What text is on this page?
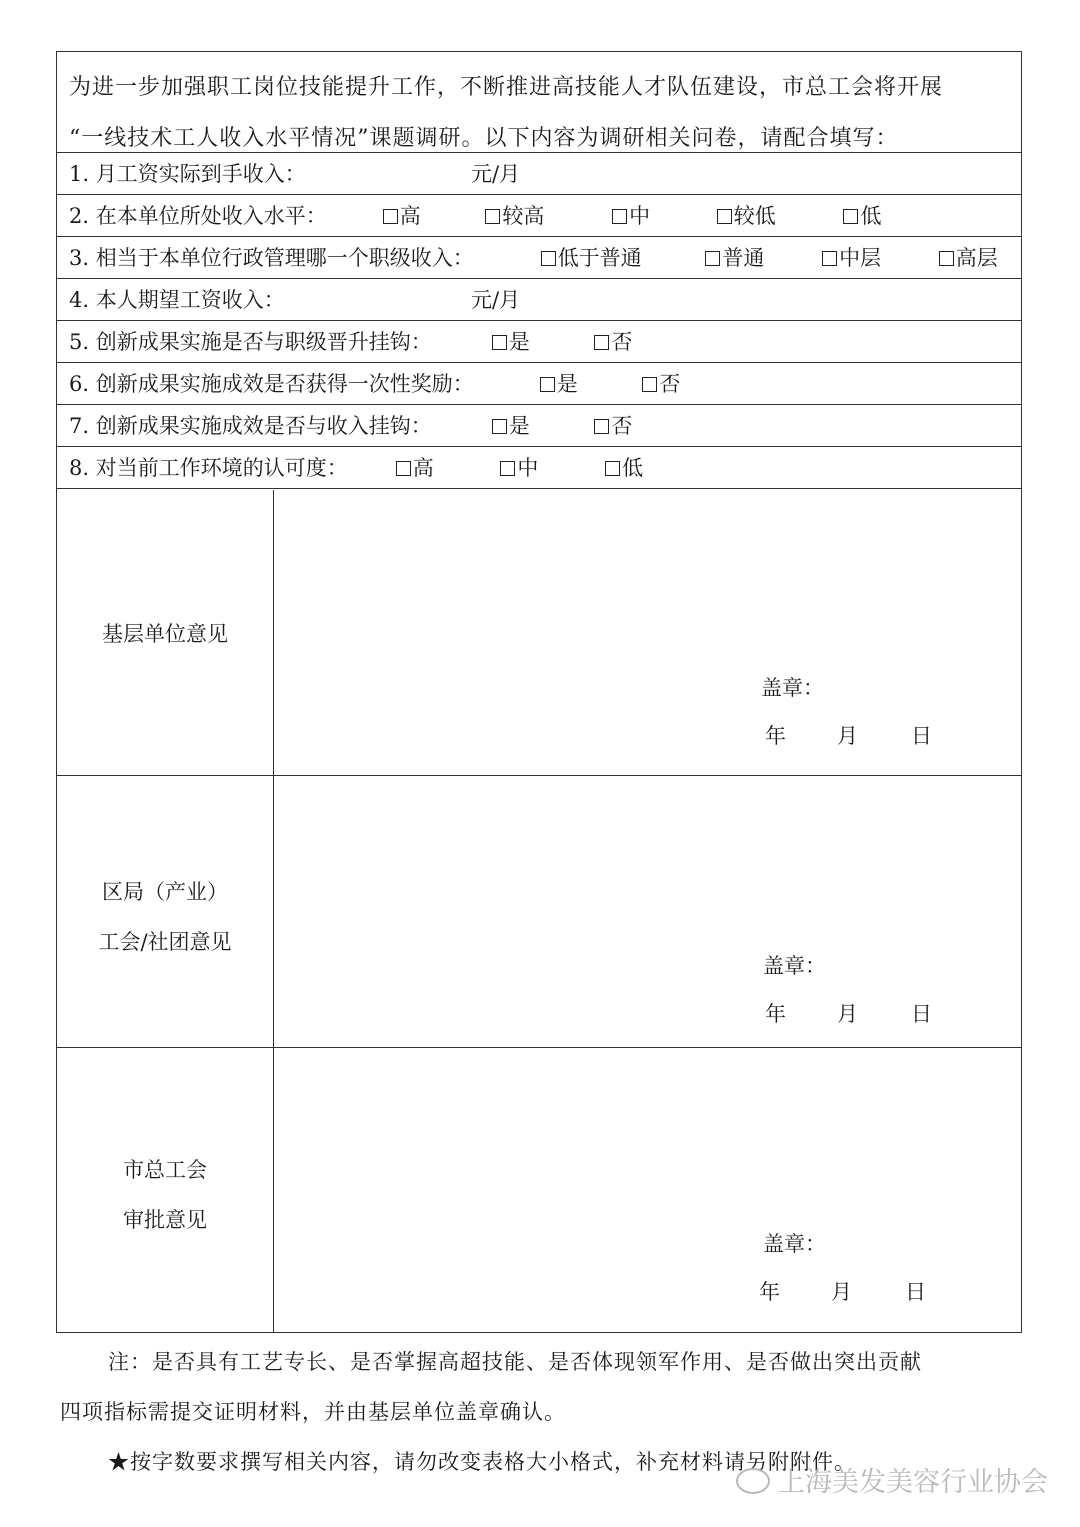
为进一步加强职工岗位技能提升工作，不断推进高技能人才队伍建设，市总工会将开展
“一线技术工人收入水平情况”课题调研。以下内容为调研相关问卷，请配合填写：
1. 月工资实际到手收入：	元/月
2. 在本单位所处收入水平：	高	较高	中	较低	低
3. 相当于本单位行政管理哪一个职级收入：	低于普通	普通	中层	高层
4. 本人期望工资收入：	元/月
5. 创新成果实施是否与职级晋升挂钩：	是	否
6. 创新成果实施成效是否获得一次性奖励：	是	否
7. 创新成果实施成效是否与收入挂钩：	是	否
8. 对当前工作环境的认可度：	高	中	低
基层单位意见
盖章：
年 月	日
区局（产业）
工会/社团意见
盖章：
年 月	日
市总工会
审批意见
盖章：
年 月	日
注：是否具有工艺专长、是否掌握高超技能、是否体现领军作用、是否做出突出贡献
四项指标需提交证明材料，并由基层单位盖章确认。
★按字数要求撰写相关内容，请勿改变表格大小格式，补充材料请另附附件。
上海美发美容行业协会
